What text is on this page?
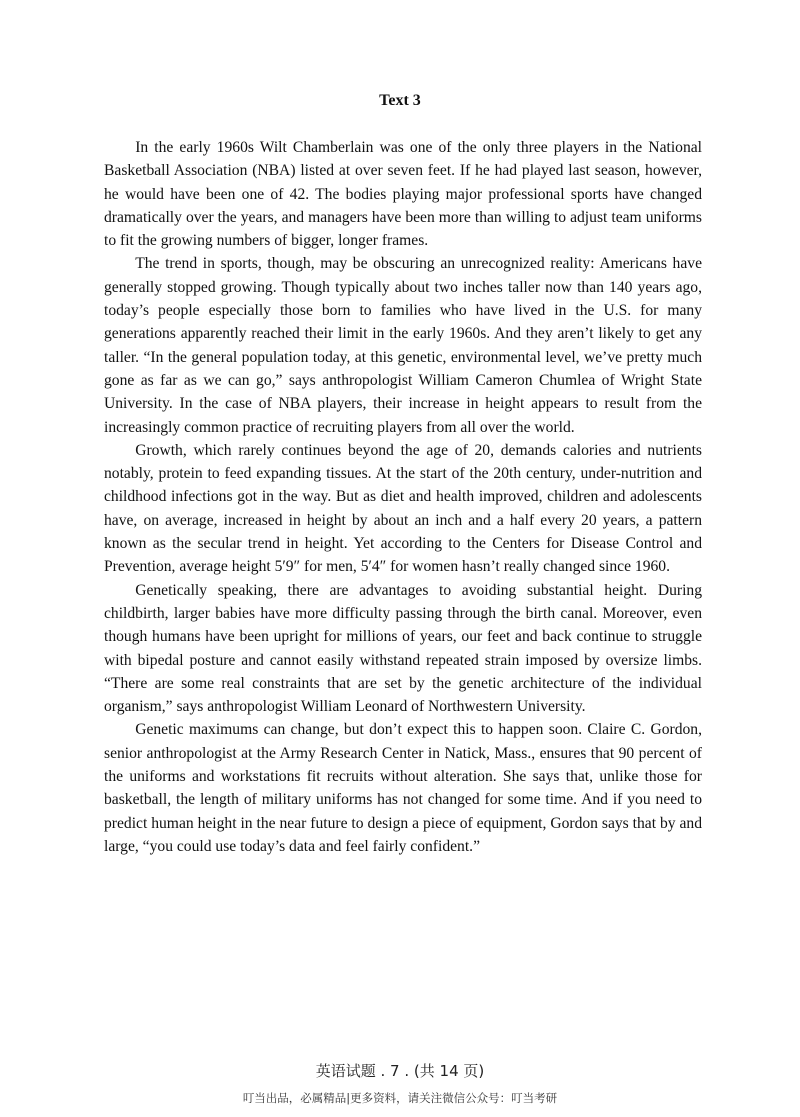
Text 3

In the early 1960s Wilt Chamberlain was one of the only three players in the National Basketball Association (NBA) listed at over seven feet. If he had played last season, however, he would have been one of 42. The bodies playing major professional sports have changed dramatically over the years, and managers have been more than willing to adjust team uniforms to fit the growing numbers of bigger, longer frames.

The trend in sports, though, may be obscuring an unrecognized reality: Americans have generally stopped growing. Though typically about two inches taller now than 140 years ago, today’s people especially those born to families who have lived in the U.S. for many generations apparently reached their limit in the early 1960s. And they aren’t likely to get any taller. “In the general population today, at this genetic, environmental level, we’ve pretty much gone as far as we can go,” says anthropologist William Cameron Chumlea of Wright State University. In the case of NBA players, their increase in height appears to result from the increasingly common practice of recruiting players from all over the world.

Growth, which rarely continues beyond the age of 20, demands calories and nutrients notably, protein to feed expanding tissues. At the start of the 20th century, under-nutrition and childhood infections got in the way. But as diet and health improved, children and adolescents have, on average, increased in height by about an inch and a half every 20 years, a pattern known as the secular trend in height. Yet according to the Centers for Disease Control and Prevention, average height 5′9″ for men, 5′4″ for women hasn’t really changed since 1960.

Genetically speaking, there are advantages to avoiding substantial height. During childbirth, larger babies have more difficulty passing through the birth canal. Moreover, even though humans have been upright for millions of years, our feet and back continue to struggle with bipedal posture and cannot easily withstand repeated strain imposed by oversize limbs. “There are some real constraints that are set by the genetic architecture of the individual organism,” says anthropologist William Leonard of Northwestern University.

Genetic maximums can change, but don’t expect this to happen soon. Claire C. Gordon, senior anthropologist at the Army Research Center in Natick, Mass., ensures that 90 percent of the uniforms and workstations fit recruits without alteration. She says that, unlike those for basketball, the length of military uniforms has not changed for some time. And if you need to predict human height in the near future to design a piece of equipment, Gordon says that by and large, “you could use today’s data and feel fairly confident.”

英语试题 . 7 . (共 14 页)
叮当出品，必属精品|更多资料，请关注微信公众号：叮当考研
